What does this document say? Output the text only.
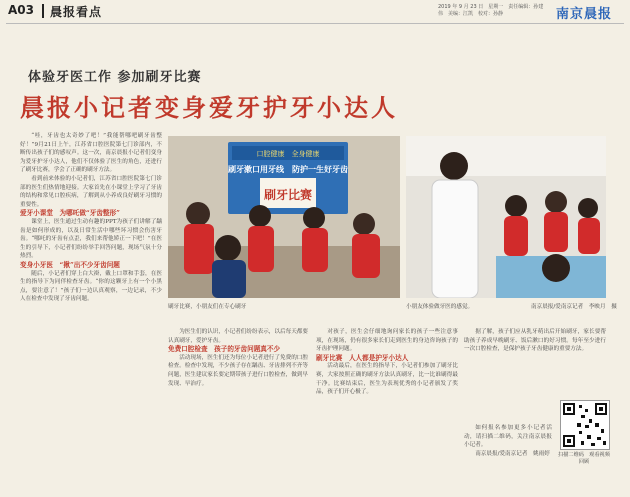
A03 晨报看点	2019 年 9 月 23 日　星期一　责任编辑：孙建伟　美编：江凯　校对：孙静	南京晨报
体验牙医工作 参加刷牙比赛
晨报小记者变身爱牙护牙小达人

“哇，牙齿也太奇妙了吧！”我能帮哪吧刷牙齿整好！”9月21日上午，江苏省口腔医院第七门诊部内，不断传出孩子们的感叹声。这一次，南京晨报小记者们变身为爱牙护牙小达人，他们不仅体验了医生的角色，还进行了刷牙比赛，学会了正确的刷牙方法。

看到前来体验的小记者们，江苏省口腔医院第七门诊部的医生们热情地迎接。大家首先在小课堂上学习了牙齿的结构和常见口腔疾病，了解到从小养成良好刷牙习惯的重要性。

爱牙小课堂　为哪吒做“牙齿整形”

课堂上，医生通过生动有趣的PPT为孩子们讲解了龋齿是如何形成的，以及日常生活中哪些坏习惯会伤害牙齿。“哪吒的牙齿有点歪，我们来帮他矫正一下吧！”在医生的引导下，小记者们纷纷举手回答问题，现场气氛十分热烈。

变身小牙医　“揪”出不少牙齿问题

随后，小记者们穿上白大褂，戴上口罩和手套，在医生的指导下为同伴检查牙齿。“你的这颗牙上有一个小黑点，要注意了！”孩子们一边认真观察，一边记录，不少人在检查中发现了牙齿问题。

口腔健康　全身健康
刷牙漱口用牙线　防护一生好牙齿
刷牙比赛
刷牙比赛，小朋友们在专心刷牙	小朋友体验做牙医的感觉。	南京晨报/爱南京记者　李映月　摄

为医生们的认识，小记者们纷纷表示，以后每天都要认真刷牙，爱护牙齿。

免费口腔检查　孩子的牙齿问题真不少

活动现场，医生们还为每位小记者进行了免费的口腔检查。检查中发现，不少孩子存在龋齿、牙齿排列不齐等问题，医生建议家长要定期带孩子进行口腔检查，做到早发现、早治疗。

对孩子，医生会仔细地询问家长的孩子一些注意事项，在现场，仍有很多家长们走到医生的身边咨询孩子的牙齿护理问题。

刷牙比赛　人人都是护牙小达人

活动最后，在医生的指导下，小记者们参加了刷牙比赛，大家按照正确的刷牙方法认真刷牙，比一比谁刷得最干净。比赛结束后，医生为表现优秀的小记者颁发了奖品，孩子们开心极了。

据了解，孩子们应从乳牙萌出后开始刷牙，家长要帮助孩子养成早晚刷牙、饭后漱口的好习惯。每年至少进行一次口腔检查，是保护孩子牙齿健康的重要方法。

如何报名参加更多小记者活动，请扫描二维码，关注南京晨报小记者。

南京晨报/爱南京记者　姚雨婷	扫描二维码　观看视频回顾
